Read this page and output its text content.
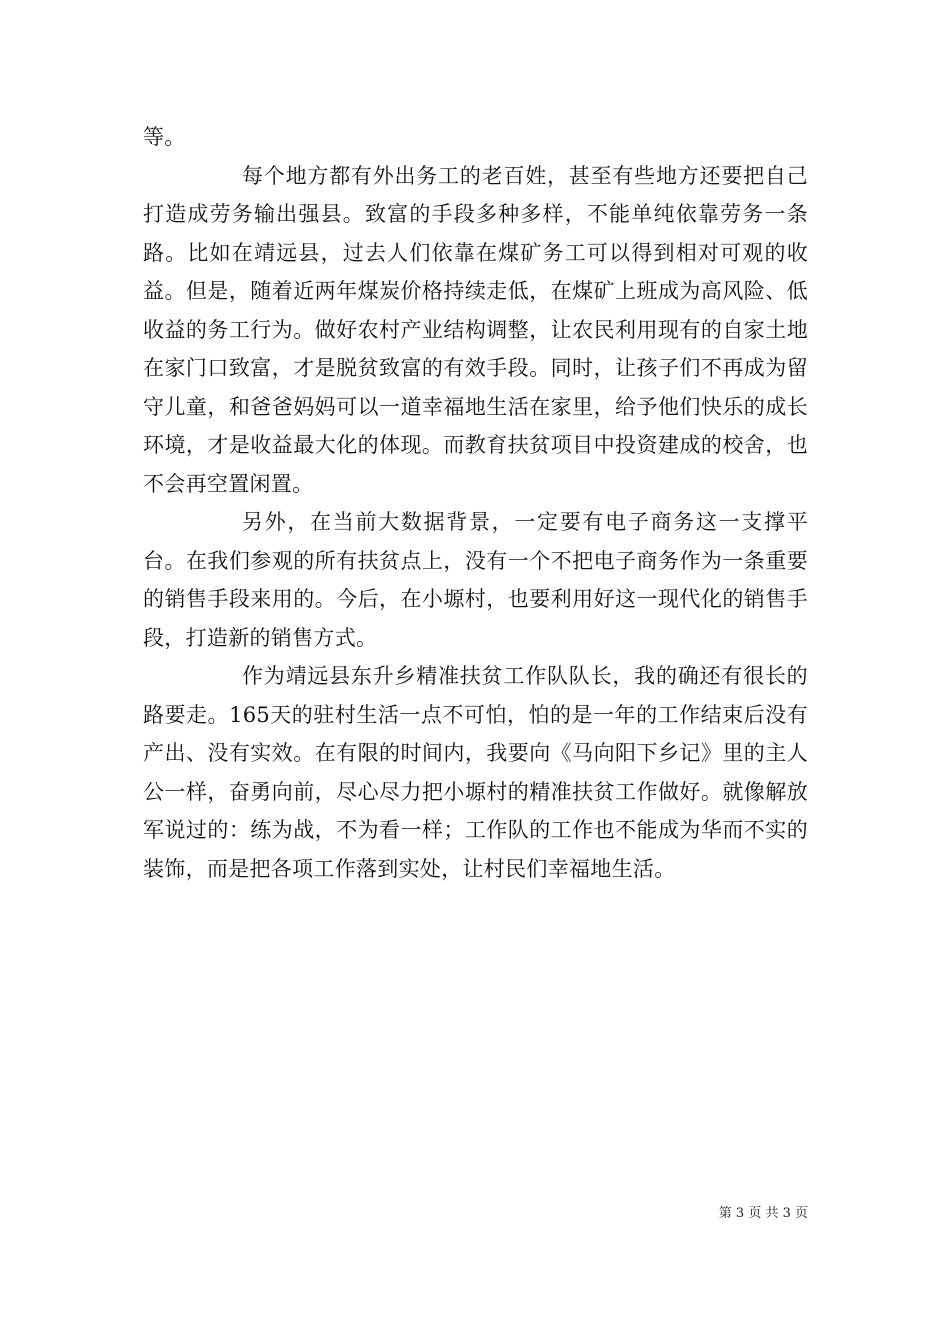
等。

每个地方都有外出务工的老百姓，甚至有些地方还要把自己打造成劳务输出强县。致富的手段多种多样，不能单纯依靠劳务一条路。比如在靖远县，过去人们依靠在煤矿务工可以得到相对可观的收益。但是，随着近两年煤炭价格持续走低，在煤矿上班成为高风险、低收益的务工行为。做好农村产业结构调整，让农民利用现有的自家土地在家门口致富，才是脱贫致富的有效手段。同时，让孩子们不再成为留守儿童，和爸爸妈妈可以一道幸福地生活在家里，给予他们快乐的成长环境，才是收益最大化的体现。而教育扶贫项目中投资建成的校舍，也不会再空置闲置。

另外，在当前大数据背景，一定要有电子商务这一支撑平台。在我们参观的所有扶贫点上，没有一个不把电子商务作为一条重要的销售手段来用的。今后，在小塬村，也要利用好这一现代化的销售手段，打造新的销售方式。

作为靖远县东升乡精准扶贫工作队队长，我的确还有很长的路要走。165天的驻村生活一点不可怕，怕的是一年的工作结束后没有产出、没有实效。在有限的时间内，我要向《马向阳下乡记》里的主人公一样，奋勇向前，尽心尽力把小塬村的精准扶贫工作做好。就像解放军说过的：练为战，不为看一样；工作队的工作也不能成为华而不实的装饰，而是把各项工作落到实处，让村民们幸福地生活。

第 3 页 共 3 页
